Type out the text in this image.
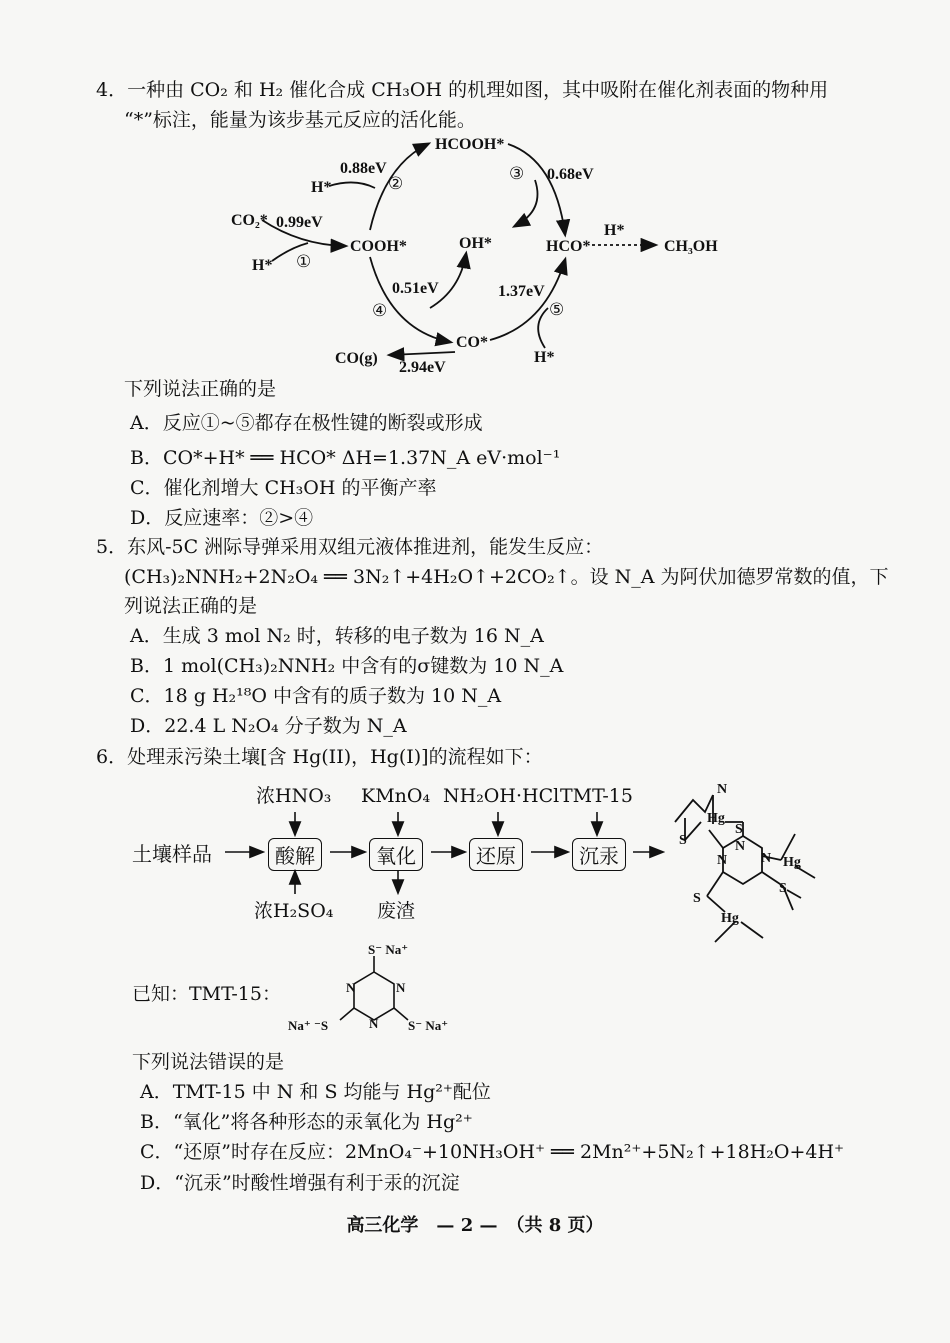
4．一种由 CO₂ 和 H₂ 催化合成 CH₃OH 的机理如图，其中吸附在催化剂表面的物种用
“*”标注，能量为该步基元反应的活化能。
HCOOH*
CO₂*
COOH*	OH*	HCO*	CH₃OH
CO*
CO(g)
H*
H*
H*
H*
0.99eV
0.88eV	0.68eV
0.51eV	1.37eV
2.94eV
①
②
③
④	⑤
下列说法正确的是
A．反应①~⑤都存在极性键的断裂或形成
B．CO*+H* ══ HCO* ΔH=1.37N_A eV·mol⁻¹
C．催化剂增大 CH₃OH 的平衡产率
D．反应速率：②>④
5．东风-5C 洲际导弹采用双组元液体推进剂，能发生反应：
(CH₃)₂NNH₂+2N₂O₄ ══ 3N₂↑+4H₂O↑+2CO₂↑。设 N_A 为阿伏加德罗常数的值，下
列说法正确的是
A．生成 3 mol N₂ 时，转移的电子数为 16 N_A
B．1 mol(CH₃)₂NNH₂ 中含有的σ键数为 10 N_A
C．18 g H₂¹⁸O 中含有的质子数为 10 N_A
D．22.4 L N₂O₄ 分子数为 N_A
6．处理汞污染土壤[含 Hg(II)，Hg(I)]的流程如下：
土壤样品	酸解	氧化	还原	沉汞
浓HNO₃ KMnO₄ NH₂OH·HCl TMT-15
浓H₂SO₄ 废渣
N
Hg
S
S
N
N
N Hg
S
S
Hg
已知：TMT-15：
S⁻ Na⁺
N	N
N
Na⁺ ⁻S	S⁻ Na⁺
下列说法错误的是
A．TMT-15 中 N 和 S 均能与 Hg²⁺配位
B．“氧化”将各种形态的汞氧化为 Hg²⁺
C．“还原”时存在反应：2MnO₄⁻+10NH₃OH⁺ ══ 2Mn²⁺+5N₂↑+18H₂O+4H⁺
D．“沉汞”时酸性增强有利于汞的沉淀
高三化学　— 2 —　（共 8 页）
